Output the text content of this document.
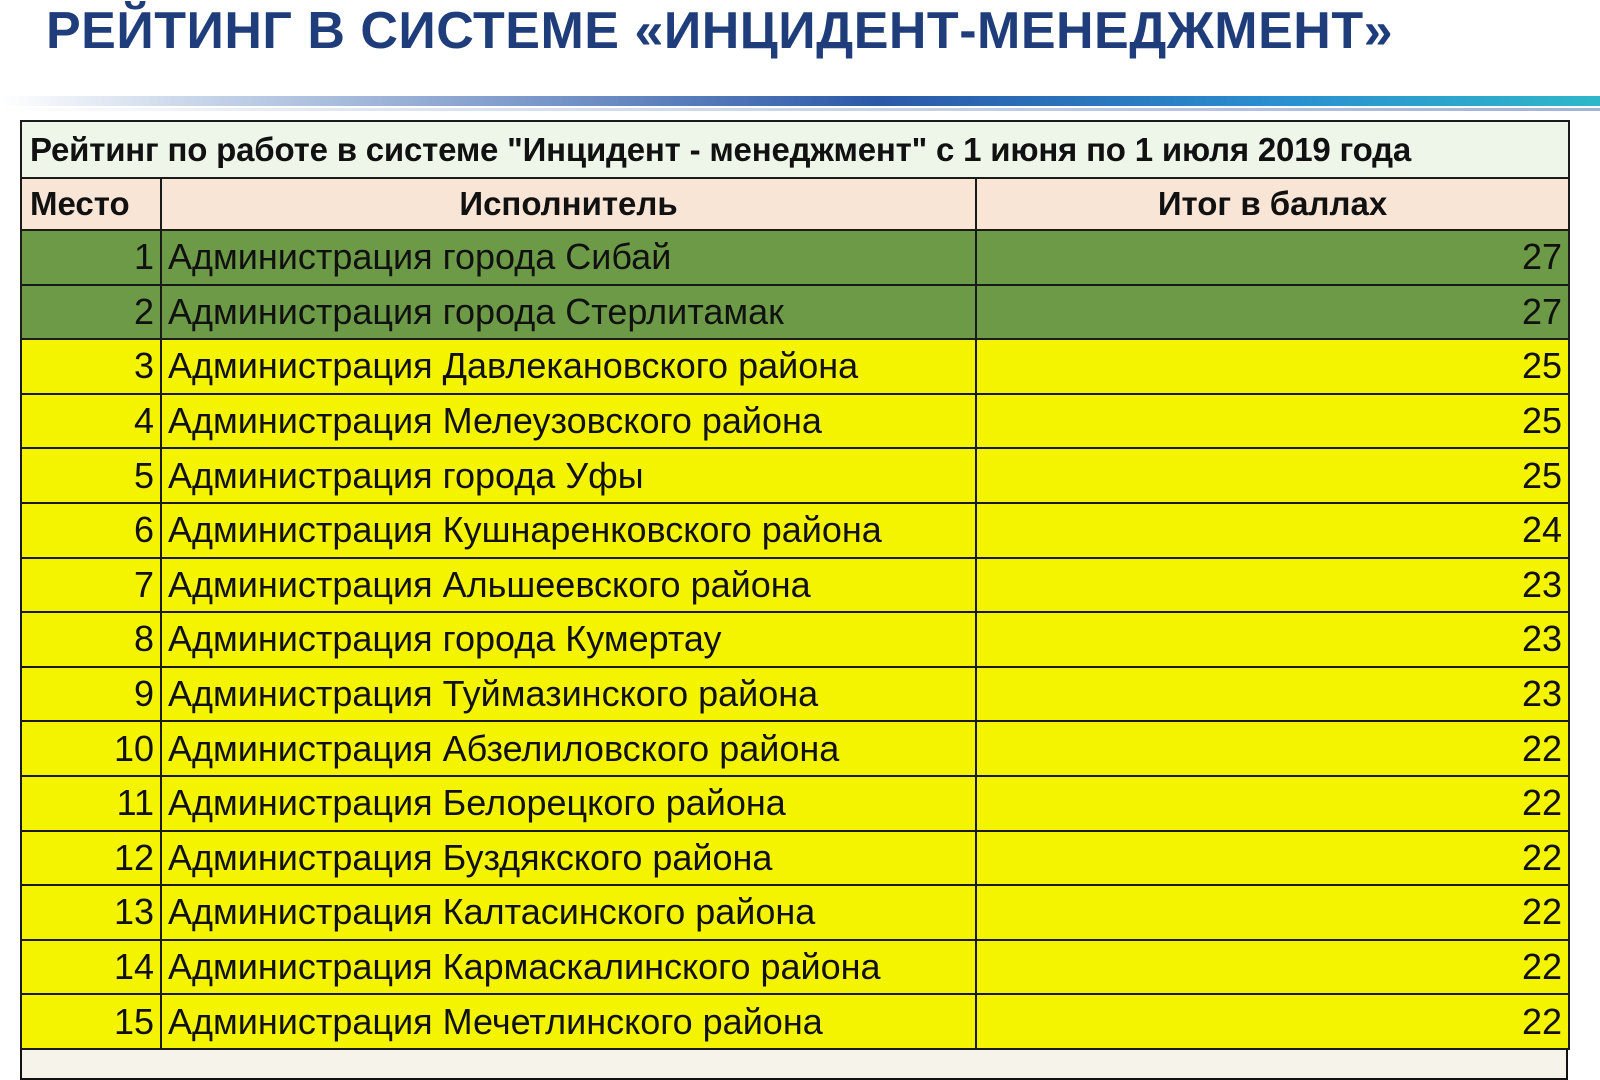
РЕЙТИНГ В СИСТЕМЕ «ИНЦИДЕНТ-МЕНЕДЖМЕНТ»
Рейтинг по работе в системе "Инцидент - менеджмент" с 1 июня по 1 июля 2019 года		
Место	Исполнитель	Итог в баллах
1	Администрация города Сибай	27
2	Администрация города Стерлитамак	27
3	Администрация Давлекановского района	25
4	Администрация Мелеузовского района	25
5	Администрация города Уфы	25
6	Администрация Кушнаренковского района	24
7	Администрация Альшеевского района	23
8	Администрация города Кумертау	23
9	Администрация Туймазинского района	23
10	Администрация Абзелиловского района	22
11	Администрация Белорецкого района	22
12	Администрация Буздякского района	22
13	Администрация Калтасинского района	22
14	Администрация Кармаскалинского района	22
15	Администрация Мечетлинского района	22
